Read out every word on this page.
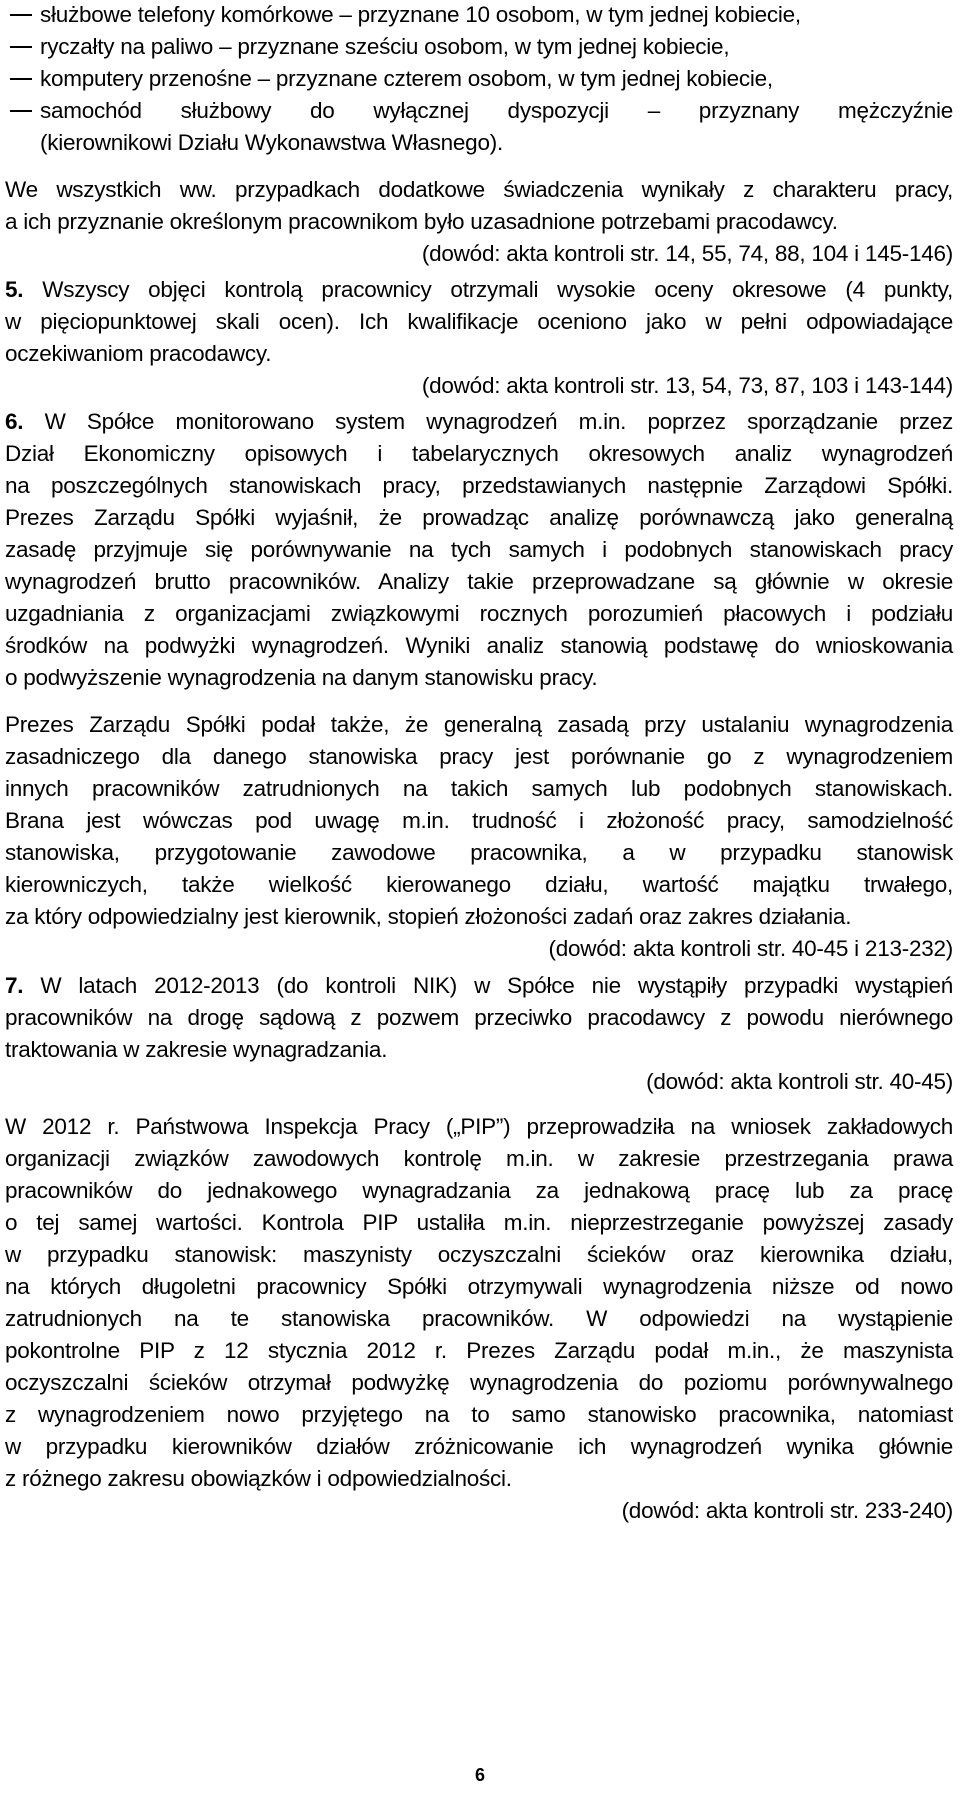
służbowe telefony komórkowe – przyznane 10 osobom, w tym jednej kobiecie,
ryczałty na paliwo – przyznane sześciu osobom, w tym jednej kobiecie,
komputery przenośne – przyznane czterem osobom, w tym jednej kobiecie,
samochód służbowy do wyłącznej dyspozycji – przyznany mężczyźnie
(kierownikowi Działu Wykonawstwa Własnego).
We wszystkich ww. przypadkach dodatkowe świadczenia wynikały z charakteru pracy,
a ich przyznanie określonym pracownikom było uzasadnione potrzebami pracodawcy.
(dowód: akta kontroli str. 14, 55, 74, 88, 104 i 145-146)
5. Wszyscy objęci kontrolą pracownicy otrzymali wysokie oceny okresowe (4 punkty,
w pięciopunktowej skali ocen). Ich kwalifikacje oceniono jako w pełni odpowiadające
oczekiwaniom pracodawcy.
(dowód: akta kontroli str. 13, 54, 73, 87, 103 i 143-144)
6. W Spółce monitorowano system wynagrodzeń m.in. poprzez sporządzanie przez
Dział Ekonomiczny opisowych i tabelarycznych okresowych analiz wynagrodzeń
na poszczególnych stanowiskach pracy, przedstawianych następnie Zarządowi Spółki.
Prezes Zarządu Spółki wyjaśnił, że prowadząc analizę porównawczą jako generalną
zasadę przyjmuje się porównywanie na tych samych i podobnych stanowiskach pracy
wynagrodzeń brutto pracowników. Analizy takie przeprowadzane są głównie w okresie
uzgadniania z organizacjami związkowymi rocznych porozumień płacowych i podziału
środków na podwyżki wynagrodzeń. Wyniki analiz stanowią podstawę do wnioskowania
o podwyższenie wynagrodzenia na danym stanowisku pracy.
Prezes Zarządu Spółki podał także, że generalną zasadą przy ustalaniu wynagrodzenia
zasadniczego dla danego stanowiska pracy jest porównanie go z wynagrodzeniem
innych pracowników zatrudnionych na takich samych lub podobnych stanowiskach.
Brana jest wówczas pod uwagę m.in. trudność i złożoność pracy, samodzielność
stanowiska, przygotowanie zawodowe pracownika, a w przypadku stanowisk
kierowniczych, także wielkość kierowanego działu, wartość majątku trwałego,
za który odpowiedzialny jest kierownik, stopień złożoności zadań oraz zakres działania.
(dowód: akta kontroli str. 40-45 i 213-232)
7. W latach 2012-2013 (do kontroli NIK) w Spółce nie wystąpiły przypadki wystąpień
pracowników na drogę sądową z pozwem przeciwko pracodawcy z powodu nierównego
traktowania w zakresie wynagradzania.
(dowód: akta kontroli str. 40-45)
W 2012 r. Państwowa Inspekcja Pracy („PIP”) przeprowadziła na wniosek zakładowych
organizacji związków zawodowych kontrolę m.in. w zakresie przestrzegania prawa
pracowników do jednakowego wynagradzania za jednakową pracę lub za pracę
o tej samej wartości. Kontrola PIP ustaliła m.in. nieprzestrzeganie powyższej zasady
w przypadku stanowisk: maszynisty oczyszczalni ścieków oraz kierownika działu,
na których długoletni pracownicy Spółki otrzymywali wynagrodzenia niższe od nowo
zatrudnionych na te stanowiska pracowników. W odpowiedzi na wystąpienie
pokontrolne PIP z 12 stycznia 2012 r. Prezes Zarządu podał m.in., że maszynista
oczyszczalni ścieków otrzymał podwyżkę wynagrodzenia do poziomu porównywalnego
z wynagrodzeniem nowo przyjętego na to samo stanowisko pracownika, natomiast
w przypadku kierowników działów zróżnicowanie ich wynagrodzeń wynika głównie
z różnego zakresu obowiązków i odpowiedzialności.
(dowód: akta kontroli str. 233-240)
6
